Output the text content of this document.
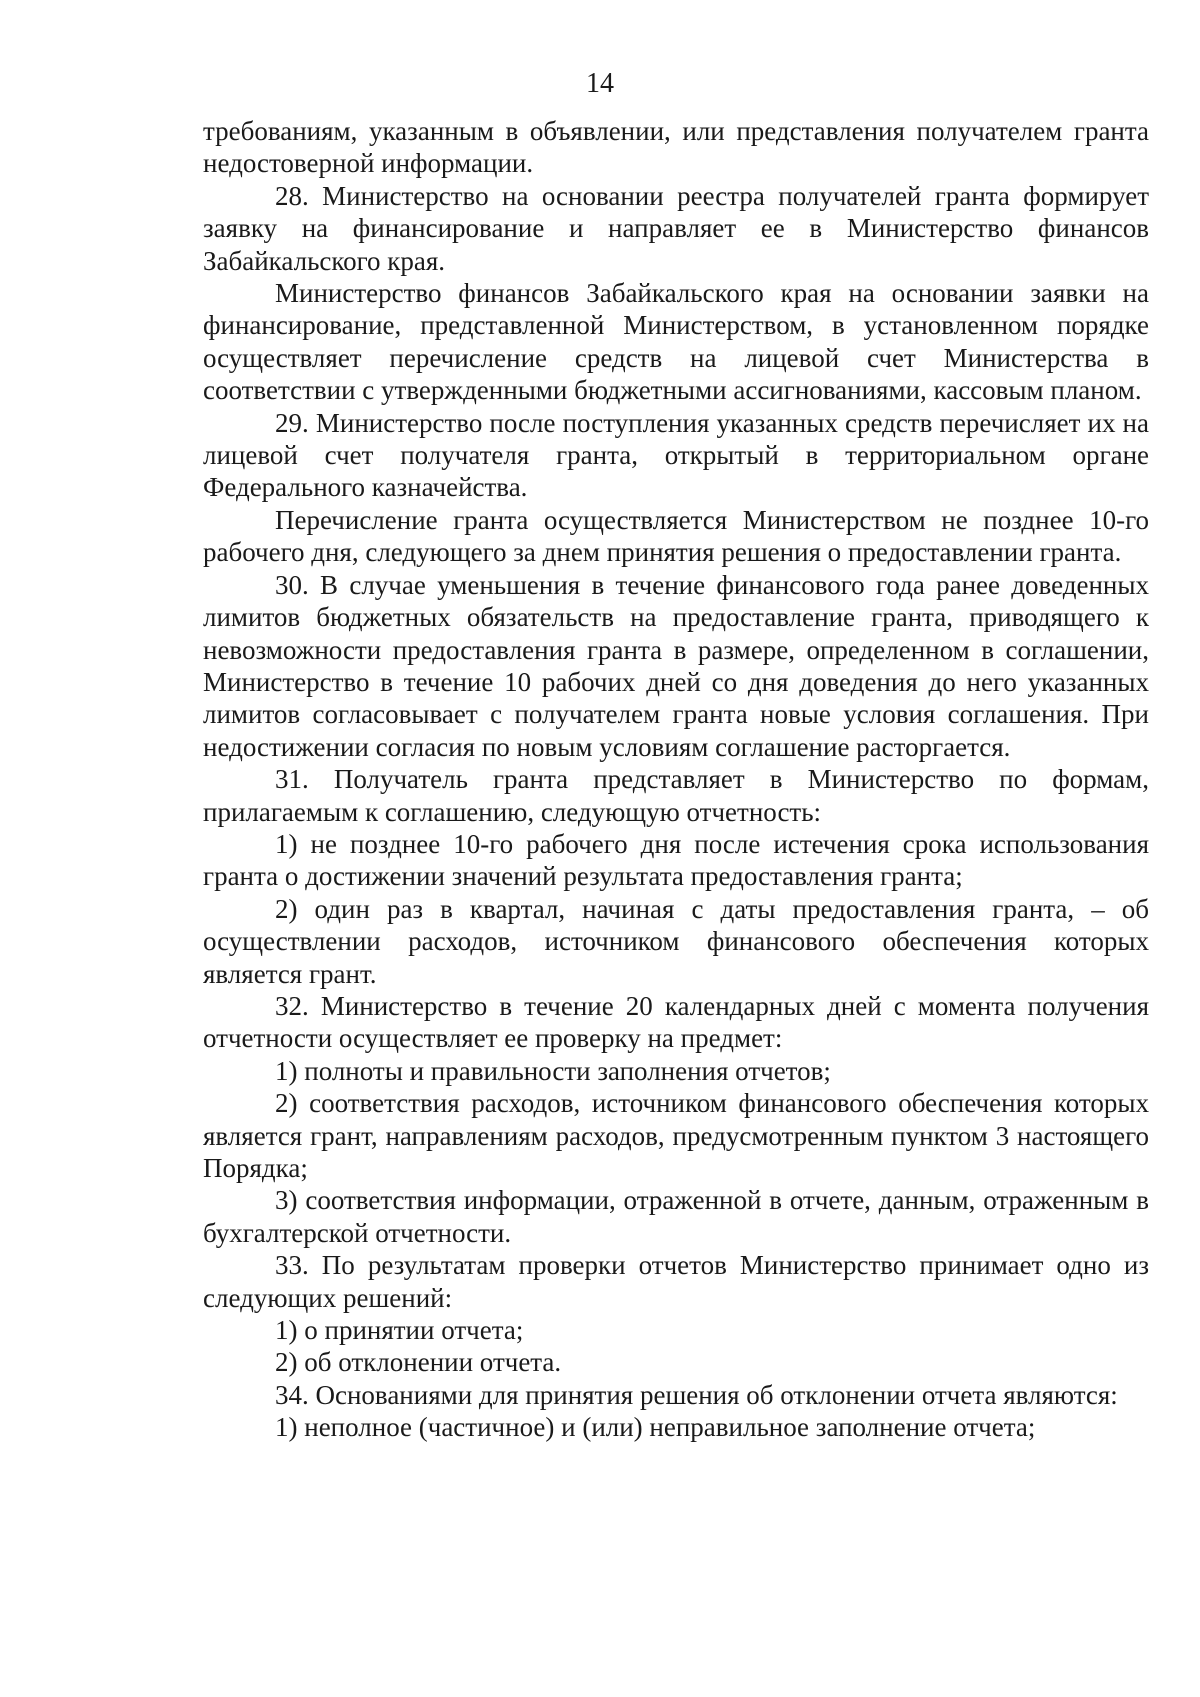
14

требованиям, указанным в объявлении, или представления получателем гранта недостоверной информации.

28. Министерство на основании реестра получателей гранта формирует заявку на финансирование и направляет ее в Министерство финансов Забайкальского края.

Министерство финансов Забайкальского края на основании заявки на финансирование, представленной Министерством, в установленном порядке осуществляет перечисление средств на лицевой счет Министерства в соответствии с утвержденными бюджетными ассигнованиями, кассовым планом.

29. Министерство после поступления указанных средств перечисляет их на лицевой счет получателя гранта, открытый в территориальном органе Федерального казначейства.

Перечисление гранта осуществляется Министерством не позднее 10-го рабочего дня, следующего за днем принятия решения о предоставлении гранта.

30. В случае уменьшения в течение финансового года ранее доведенных лимитов бюджетных обязательств на предоставление гранта, приводящего к невозможности предоставления гранта в размере, определенном в соглашении, Министерство в течение 10 рабочих дней со дня доведения до него указанных лимитов согласовывает с получателем гранта новые условия соглашения. При недостижении согласия по новым условиям соглашение расторгается.

31. Получатель гранта представляет в Министерство по формам, прилагаемым к соглашению, следующую отчетность:

1) не позднее 10-го рабочего дня после истечения срока использования гранта о достижении значений результата предоставления гранта;

2) один раз в квартал, начиная с даты предоставления гранта, – об осуществлении расходов, источником финансового обеспечения которых является грант.

32. Министерство в течение 20 календарных дней с момента получения отчетности осуществляет ее проверку на предмет:

1) полноты и правильности заполнения отчетов;

2) соответствия расходов, источником финансового обеспечения которых является грант, направлениям расходов, предусмотренным пунктом 3 настоящего Порядка;

3) соответствия информации, отраженной в отчете, данным, отраженным в бухгалтерской отчетности.

33. По результатам проверки отчетов Министерство принимает одно из следующих решений:

1) о принятии отчета;

2) об отклонении отчета.

34. Основаниями для принятия решения об отклонении отчета являются:

1) неполное (частичное) и (или) неправильное заполнение отчета;
